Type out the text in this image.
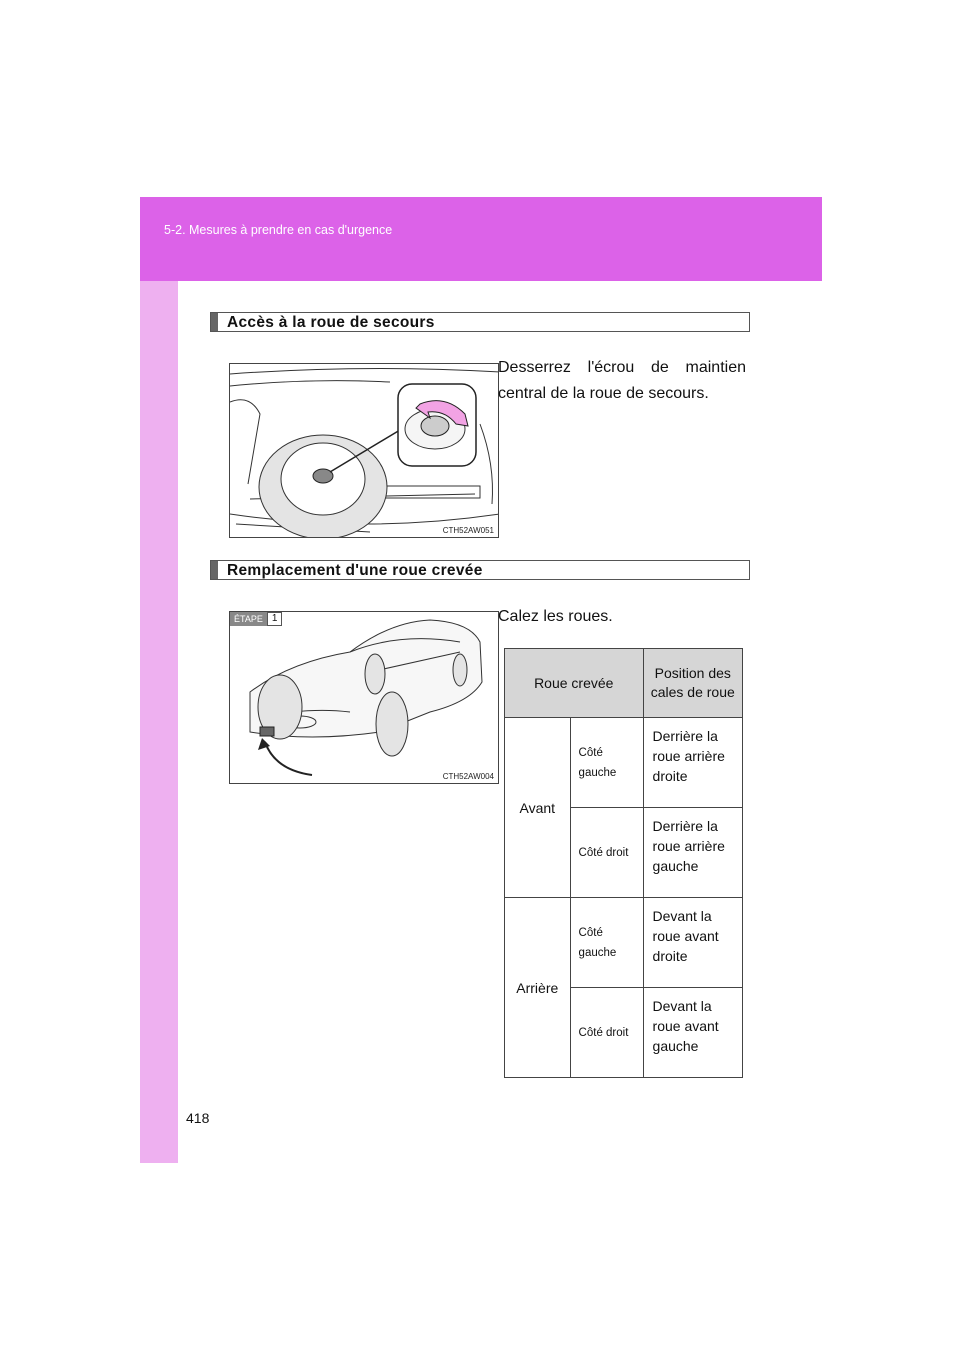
5-2. Mesures à prendre en cas d'urgence
Accès à la roue de secours
CTH52AW051
Desserrez l'écrou de maintien central de la roue de secours.
Remplacement d'une roue crevée
ÉTAPE 1
CTH52AW004
Calez les roues.
Roue crevée		Position des cales de roue
Avant	Côté gauche	Derrière la roue arrière droite
	Côté droit	Derrière la roue arrière gauche
Arrière	Côté gauche	Devant la roue avant droite
	Côté droit	Devant la roue avant gauche
418
